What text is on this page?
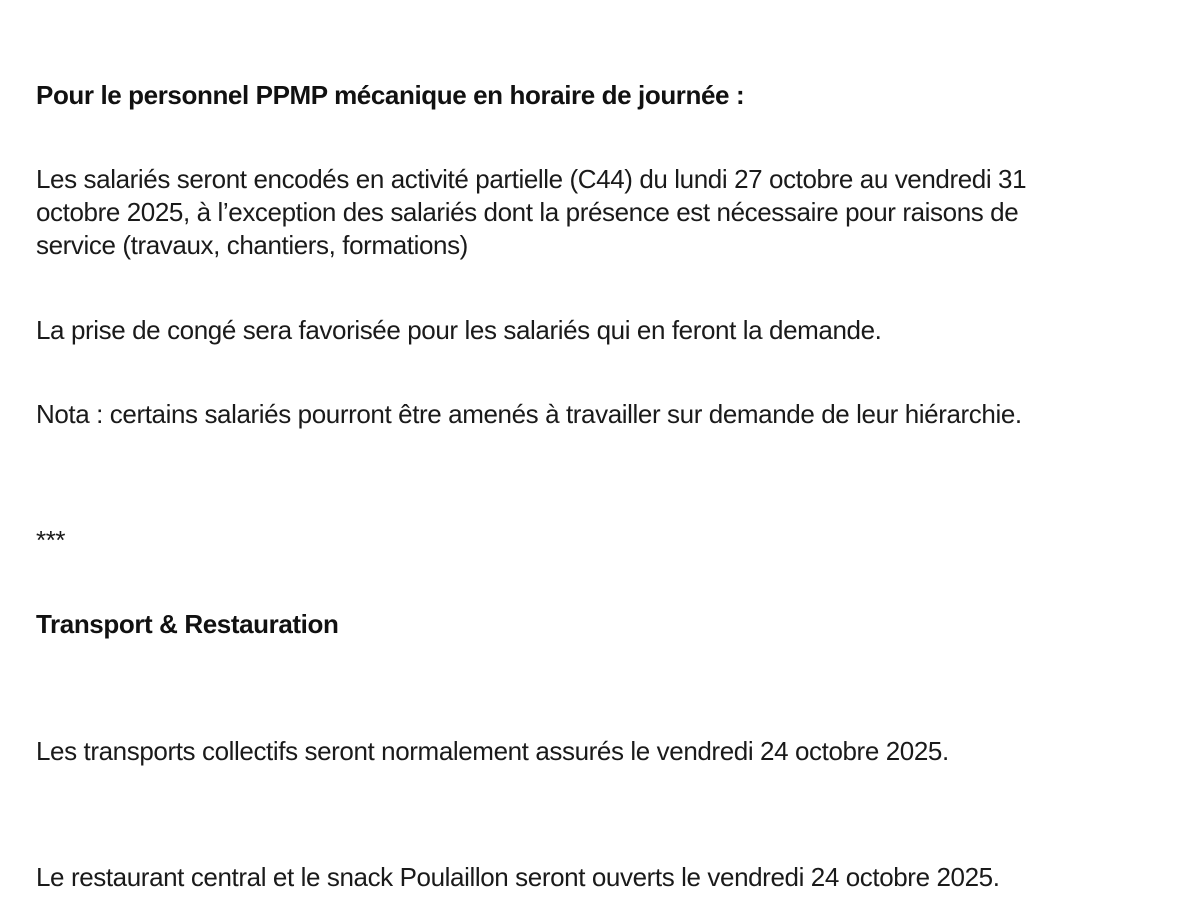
Pour le personnel PPMP mécanique en horaire de journée :
Les salariés seront encodés en activité partielle (C44) du lundi 27 octobre au vendredi 31
octobre 2025, à l’exception des salariés dont la présence est nécessaire pour raisons de
service (travaux, chantiers, formations)
La prise de congé sera favorisée pour les salariés qui en feront la demande.
Nota : certains salariés pourront être amenés à travailler sur demande de leur hiérarchie.
***
Transport & Restauration
Les transports collectifs seront normalement assurés le vendredi 24 octobre 2025.
Le restaurant central et le snack Poulaillon seront ouverts le vendredi 24 octobre 2025.
